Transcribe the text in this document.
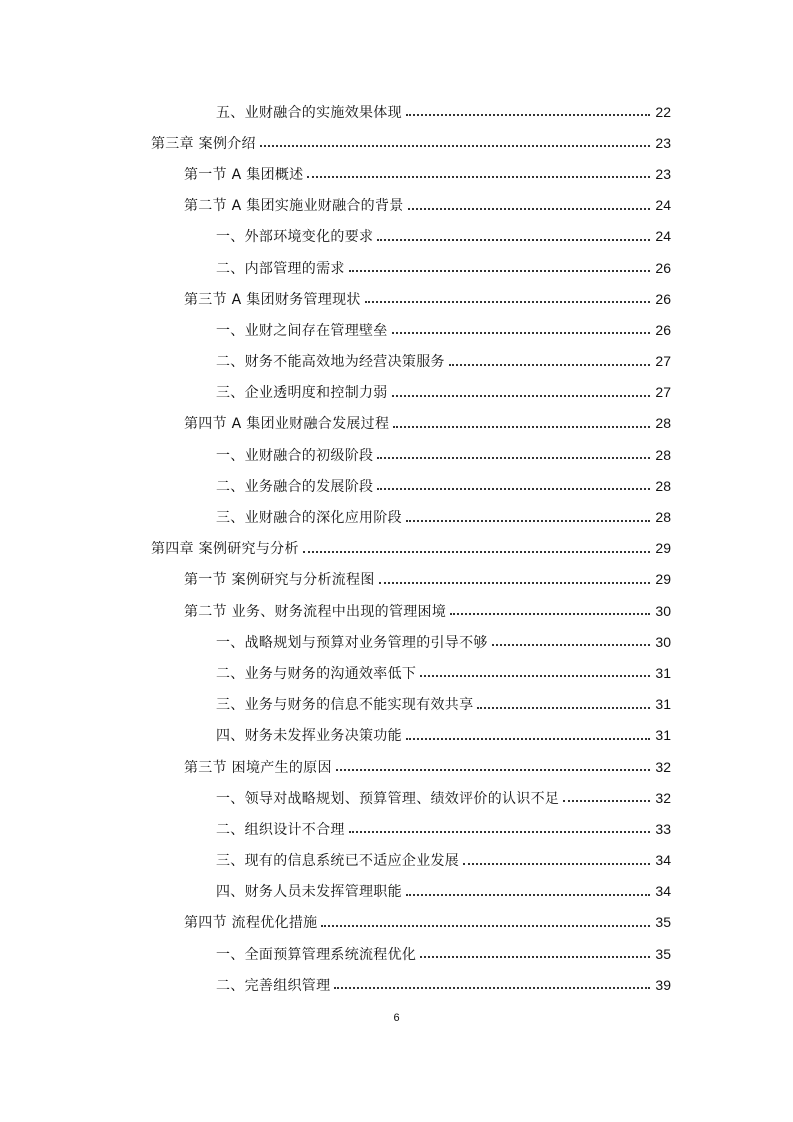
五、业财融合的实施效果体现	22
第三章 案例介绍	23
第一节 A 集团概述	23
第二节 A 集团实施业财融合的背景	24
一、外部环境变化的要求	24
二、内部管理的需求	26
第三节 A 集团财务管理现状	26
一、业财之间存在管理壁垒	26
二、财务不能高效地为经营决策服务	27
三、企业透明度和控制力弱	27
第四节 A 集团业财融合发展过程	28
一、业财融合的初级阶段	28
二、业务融合的发展阶段	28
三、业财融合的深化应用阶段	28
第四章 案例研究与分析	29
第一节 案例研究与分析流程图	29
第二节 业务、财务流程中出现的管理困境	30
一、战略规划与预算对业务管理的引导不够	30
二、业务与财务的沟通效率低下	31
三、业务与财务的信息不能实现有效共享	31
四、财务未发挥业务决策功能	31
第三节 困境产生的原因	32
一、领导对战略规划、预算管理、绩效评价的认识不足	32
二、组织设计不合理	33
三、现有的信息系统已不适应企业发展	34
四、财务人员未发挥管理职能	34
第四节 流程优化措施	35
一、全面预算管理系统流程优化	35
二、完善组织管理	39
6
